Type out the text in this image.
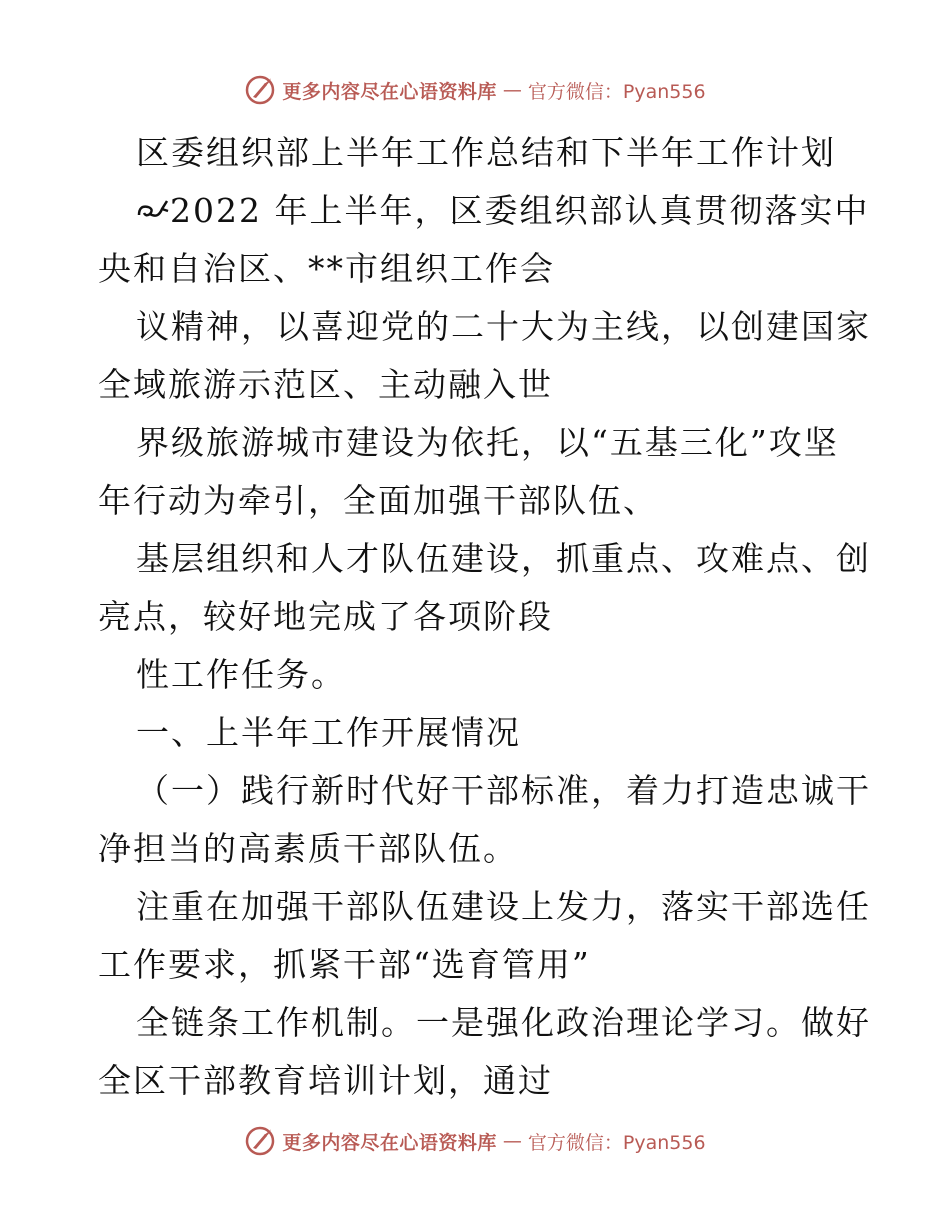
更多内容尽在心语资料库 — 官方微信：Pyan556
区委组织部上半年工作总结和下半年工作计划
2022 年上半年，区委组织部认真贯彻落实中
央和自治区、**市组织工作会
议精神，以喜迎党的二十大为主线，以创建国家
全域旅游示范区、主动融入世
界级旅游城市建设为依托，以“五基三化”攻坚
年行动为牵引，全面加强干部队伍、
基层组织和人才队伍建设，抓重点、攻难点、创
亮点，较好地完成了各项阶段
性工作任务。
一、上半年工作开展情况
（一）践行新时代好干部标准，着力打造忠诚干
净担当的高素质干部队伍。
注重在加强干部队伍建设上发力，落实干部选任
工作要求，抓紧干部“选育管用”
全链条工作机制。一是强化政治理论学习。做好
全区干部教育培训计划，通过
更多内容尽在心语资料库 — 官方微信：Pyan556
